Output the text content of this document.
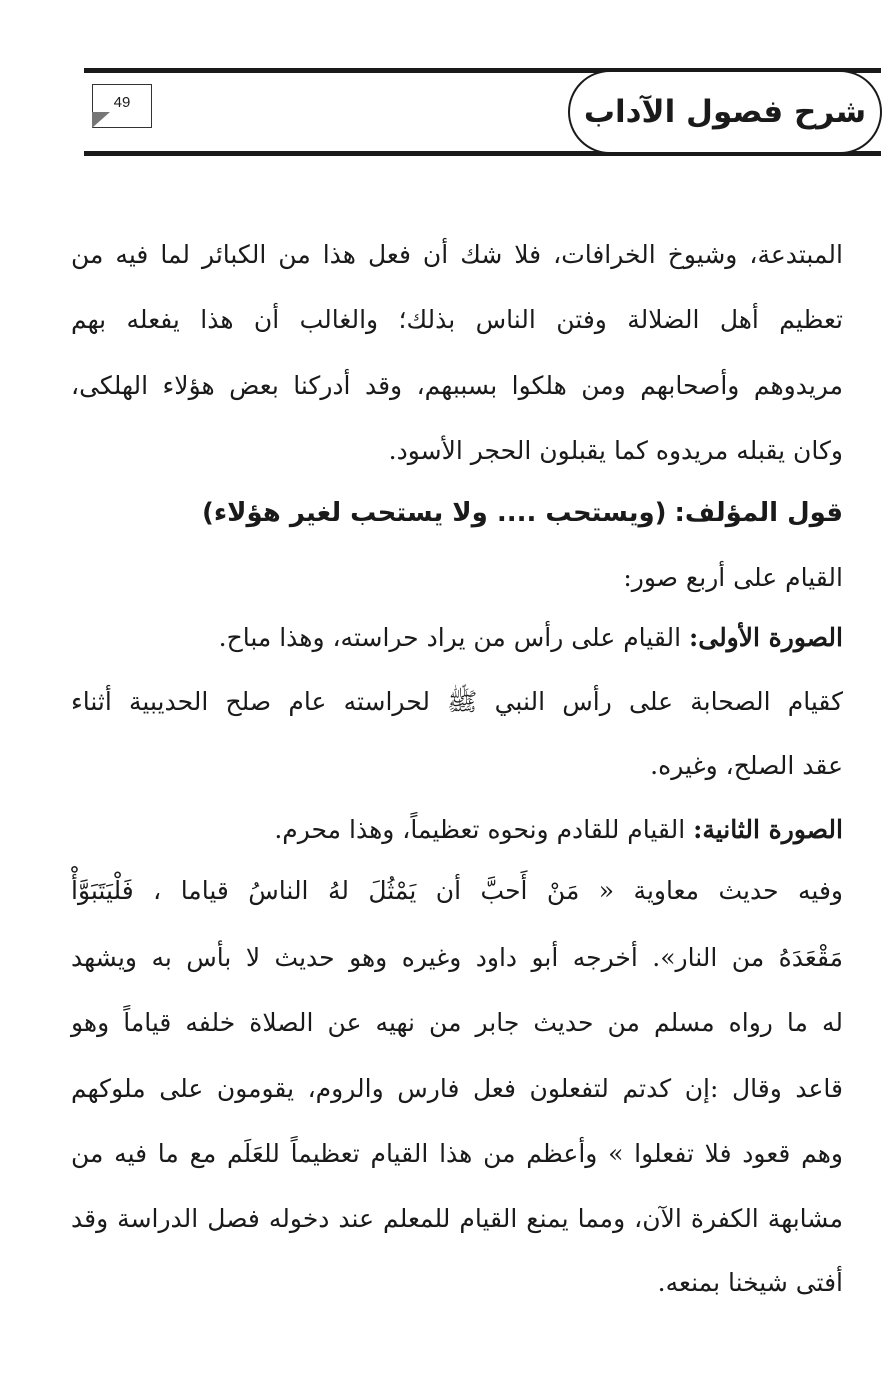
شرح فصول الآداب
49
المبتدعة، وشيوخ الخرافات، فلا شك أن فعل هذا من الكبائر لما فيه من
تعظيم أهل الضلالة وفتن الناس بذلك؛ والغالب أن هذا يفعله بهم
مريدوهم وأصحابهم ومن هلكوا بسببهم، وقد أدركنا بعض هؤلاء الهلكى،
وكان يقبله مريدوه كما يقبلون الحجر الأسود.
قول المؤلف: (ويستحب .... ولا يستحب لغير هؤلاء)
القيام على أربع صور:
الصورة الأولى: القيام على رأس من يراد حراسته، وهذا مباح.
كقيام الصحابة على رأس النبي ﷺ لحراسته عام صلح الحديبية أثناء
عقد الصلح، وغيره.
الصورة الثانية: القيام للقادم ونحوه تعظيماً، وهذا محرم.
وفيه حديث معاوية « مَنْ أَحبَّ أن يَمْثُلَ لهُ الناسُ قياما ، فَلْيَتَبَوَّأْ
مَقْعَدَهُ من النار». أخرجه أبو داود وغيره وهو حديث لا بأس به ويشهد
له ما رواه مسلم من حديث جابر من نهيه عن الصلاة خلفه قياماً وهو
قاعد وقال :إن كدتم لتفعلون فعل فارس والروم، يقومون على ملوكهم
وهم قعود فلا تفعلوا » وأعظم من هذا القيام تعظيماً للعَلَم مع ما فيه من
مشابهة الكفرة الآن، ومما يمنع القيام للمعلم عند دخوله فصل الدراسة وقد
أفتى شيخنا بمنعه.
